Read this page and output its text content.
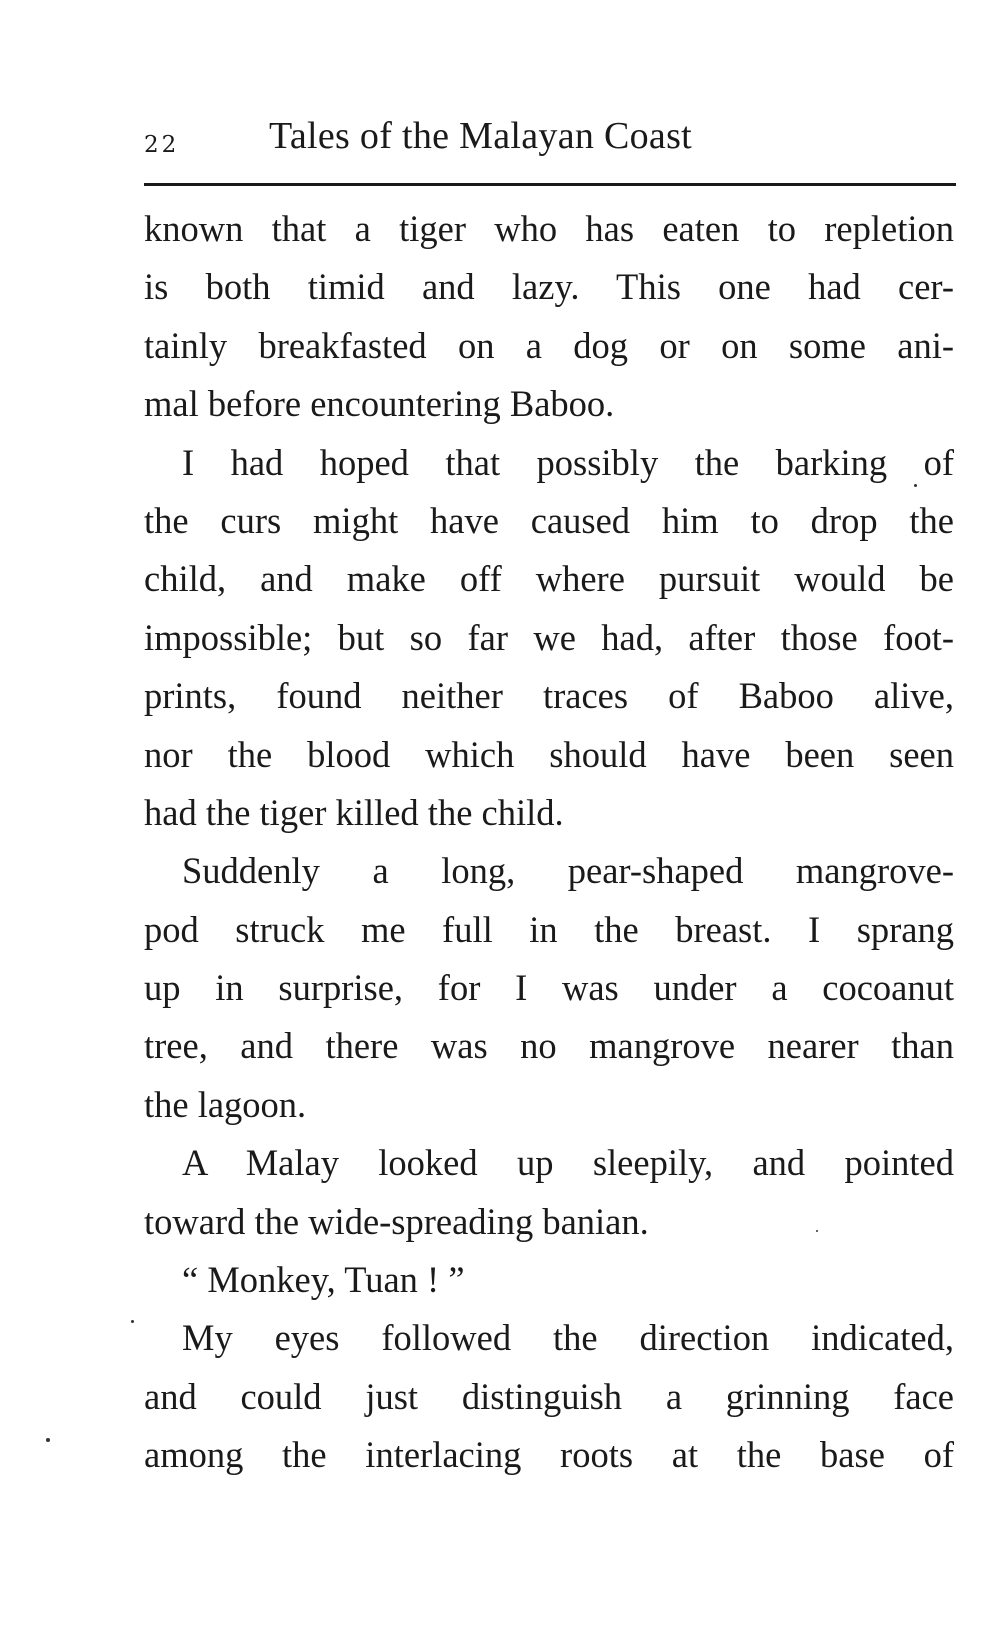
22 Tales of the Malayan Coast
known that a tiger who has eaten to repletion
is both timid and lazy. This one had cer-
tainly breakfasted on a dog or on some ani-
mal before encountering Baboo.
I had hoped that possibly the barking of
the curs might have caused him to drop the
child, and make off where pursuit would be
impossible; but so far we had, after those foot-
prints, found neither traces of Baboo alive,
nor the blood which should have been seen
had the tiger killed the child.
Suddenly a long, pear-shaped mangrove-
pod struck me full in the breast. I sprang
up in surprise, for I was under a cocoanut
tree, and there was no mangrove nearer than
the lagoon.
A Malay looked up sleepily, and pointed
toward the wide-spreading banian.
“ Monkey, Tuan ! ”
My eyes followed the direction indicated,
and could just distinguish a grinning face
among the interlacing roots at the base of
